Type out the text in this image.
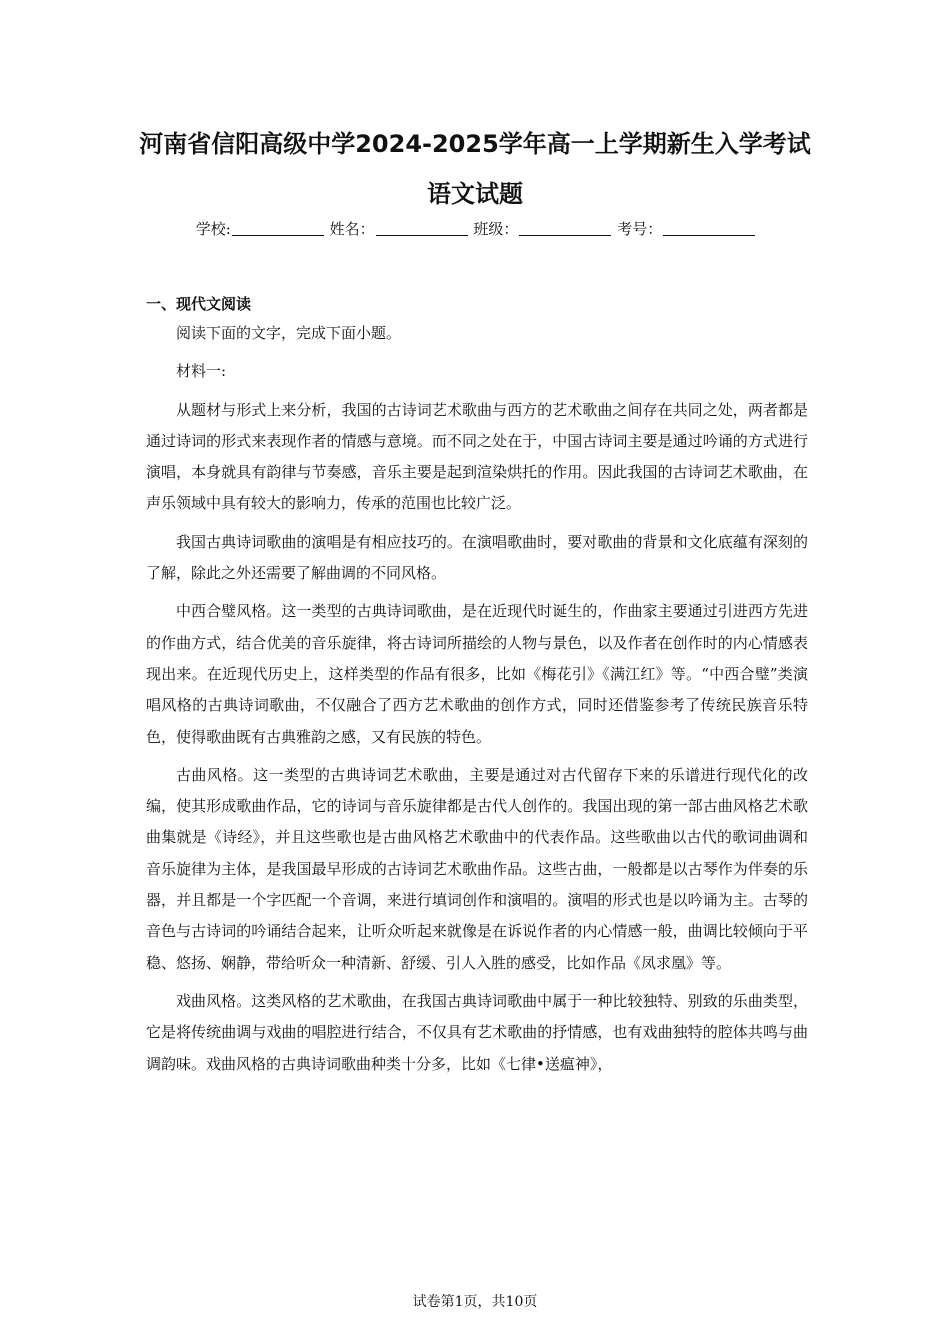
河南省信阳高级中学2024-2025学年高一上学期新生入学考试
语文试题
学校:	姓名：	班级：	考号：
一、现代文阅读

阅读下面的文字，完成下面小题。

材料一:

从题材与形式上来分析，我国的古诗词艺术歌曲与西方的艺术歌曲之间存在共同之处，两者都是通过诗词的形式来表现作者的情感与意境。而不同之处在于，中国古诗词主要是通过吟诵的方式进行演唱，本身就具有韵律与节奏感，音乐主要是起到渲染烘托的作用。因此我国的古诗词艺术歌曲，在声乐领域中具有较大的影响力，传承的范围也比较广泛。

我国古典诗词歌曲的演唱是有相应技巧的。在演唱歌曲时，要对歌曲的背景和文化底蕴有深刻的了解，除此之外还需要了解曲调的不同风格。

中西合璧风格。这一类型的古典诗词歌曲，是在近现代时诞生的，作曲家主要通过引进西方先进的作曲方式，结合优美的音乐旋律，将古诗词所描绘的人物与景色，以及作者在创作时的内心情感表现出来。在近现代历史上，这样类型的作品有很多，比如《梅花引》《满江红》等。“中西合璧”类演唱风格的古典诗词歌曲，不仅融合了西方艺术歌曲的创作方式，同时还借鉴参考了传统民族音乐特色，使得歌曲既有古典雅韵之感，又有民族的特色。

古曲风格。这一类型的古典诗词艺术歌曲，主要是通过对古代留存下来的乐谱进行现代化的改编，使其形成歌曲作品，它的诗词与音乐旋律都是古代人创作的。我国出现的第一部古曲风格艺术歌曲集就是《诗经》，并且这些歌也是古曲风格艺术歌曲中的代表作品。这些歌曲以古代的歌词曲调和音乐旋律为主体，是我国最早形成的古诗词艺术歌曲作品。这些古曲，一般都是以古琴作为伴奏的乐器，并且都是一个字匹配一个音调，来进行填词创作和演唱的。演唱的形式也是以吟诵为主。古琴的音色与古诗词的吟诵结合起来，让听众听起来就像是在诉说作者的内心情感一般，曲调比较倾向于平稳、悠扬、娴静，带给听众一种清新、舒缓、引人入胜的感受，比如作品《凤求凰》等。

戏曲风格。这类风格的艺术歌曲，在我国古典诗词歌曲中属于一种比较独特、别致的乐曲类型，它是将传统曲调与戏曲的唱腔进行结合，不仅具有艺术歌曲的抒情感，也有戏曲独特的腔体共鸣与曲调韵味。戏曲风格的古典诗词歌曲种类十分多，比如《七律•送瘟神》，

试卷第1页，共10页
